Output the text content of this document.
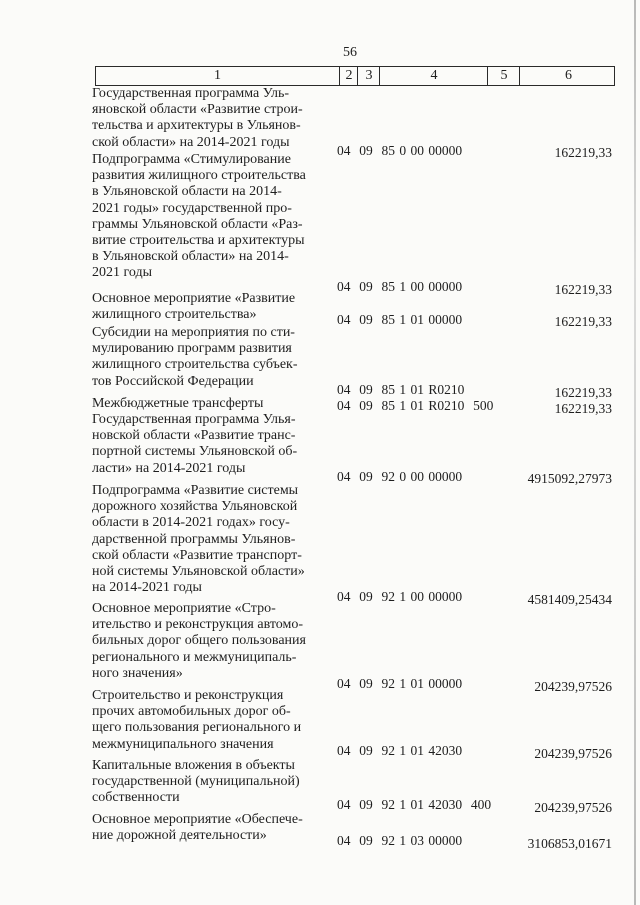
56
1	2 3	4	5	6
Государственная программа Уль-
яновской области «Развитие строи-
тельства и архитектуры в Ульянов-
ской области» на 2014-2021 годы
04  09  85 0 00 00000	162219,33
Подпрограмма «Стимулирование
развития жилищного строительства
в Ульяновской области на 2014-
2021 годы» государственной про-
граммы Ульяновской области «Раз-
витие строительства и архитектуры
в Ульяновской области» на 2014-
2021 годы
04  09  85 1 00 00000	162219,33
Основное мероприятие «Развитие
жилищного строительства»	04  09  85 1 01 00000	162219,33
Субсидии на мероприятия по сти-
мулированию программ развития
жилищного строительства субъек-
тов Российской Федерации
04  09  85 1 01 R0210	162219,33
Межбюджетные трансферты	04  09  85 1 01 R0210  500	162219,33
Государственная программа Улья-
новской области «Развитие транс-
портной системы Ульяновской об-
ласти» на 2014-2021 годы
04  09  92 0 00 00000	4915092,27973
Подпрограмма «Развитие системы
дорожного хозяйства Ульяновской
области в 2014-2021 годах» госу-
дарственной программы Ульянов-
ской области «Развитие транспорт-
ной системы Ульяновской области»
на 2014-2021 годы
04  09  92 1 00 00000	4581409,25434
Основное мероприятие «Стро-
ительство и реконструкция автомо-
бильных дорог общего пользования
регионального и межмуниципаль-
ного значения»
04  09  92 1 01 00000	204239,97526
Строительство и реконструкция
прочих автомобильных дорог об-
щего пользования регионального и
межмуниципального значения	04  09  92 1 01 42030	204239,97526
Капитальные вложения в объекты
государственной (муниципальной)
собственности	04  09  92 1 01 42030  400	204239,97526
Основное мероприятие «Обеспече-
ние дорожной деятельности»	04  09  92 1 03 00000	3106853,01671
